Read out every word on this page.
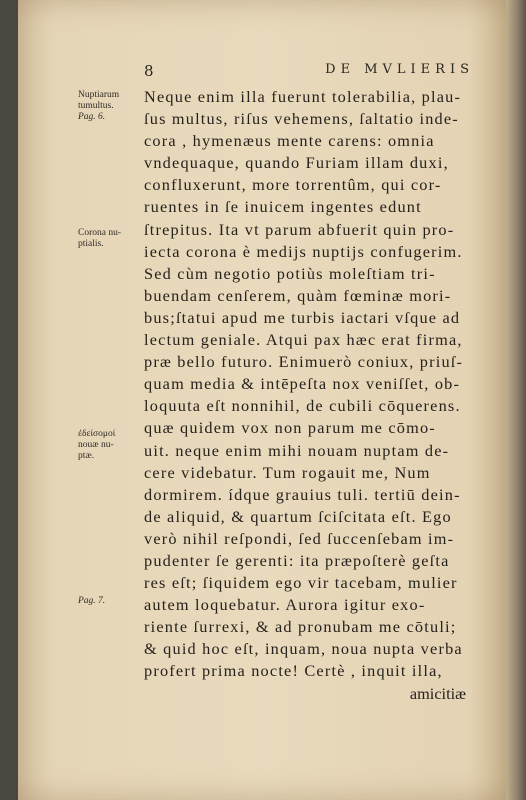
8	DE MVLIERIS
Nuptiarum
tumultus.
Pag. 6.
Corona nu-
ptialis.
ἐδείσομοί
nouæ nu-
ptæ.
Pag. 7.
Neque enim illa fuerunt tolerabilia, plau-
ſus multus, riſus vehemens, ſaltatio inde-
cora , hymenæus mente carens: omnia
vndequaque, quando Furiam illam duxi,
confluxerunt, more torrentûm, qui cor-
ruentes in ſe inuicem ingentes edunt
ſtrepitus. Ita vt parum abfuerit quin pro-
iecta corona è medijs nuptijs confugerim.
Sed cùm negotio potiùs moleſtiam tri-
buendam cenſerem, quàm fœminæ mori-
bus;ſtatui apud me turbis iactari vſque ad
lectum geniale. Atqui pax hæc erat firma,
præ bello futuro. Enimuerò coniux, priuſ-
quam media & intēpeſta nox veniſſet, ob-
loquuta eſt nonnihil, de cubili cōquerens.
quæ quidem vox non parum me cōmo-
uit. neque enim mihi nouam nuptam de-
cere videbatur. Tum rogauit me, Num
dormirem. ídque grauius tuli. tertiū dein-
de aliquid, & quartum ſciſcitata eſt. Ego
verò nihil reſpondi, ſed ſuccenſebam im-
pudenter ſe gerenti: ita præpoſterè geſta
res eſt; ſiquidem ego vir tacebam, mulier
autem loquebatur. Aurora igitur exo-
riente ſurrexi, & ad pronubam me cōtuli;
& quid hoc eſt, inquam, noua nupta verba
profert prima nocte! Certè , inquit illa,
amicitiæ
